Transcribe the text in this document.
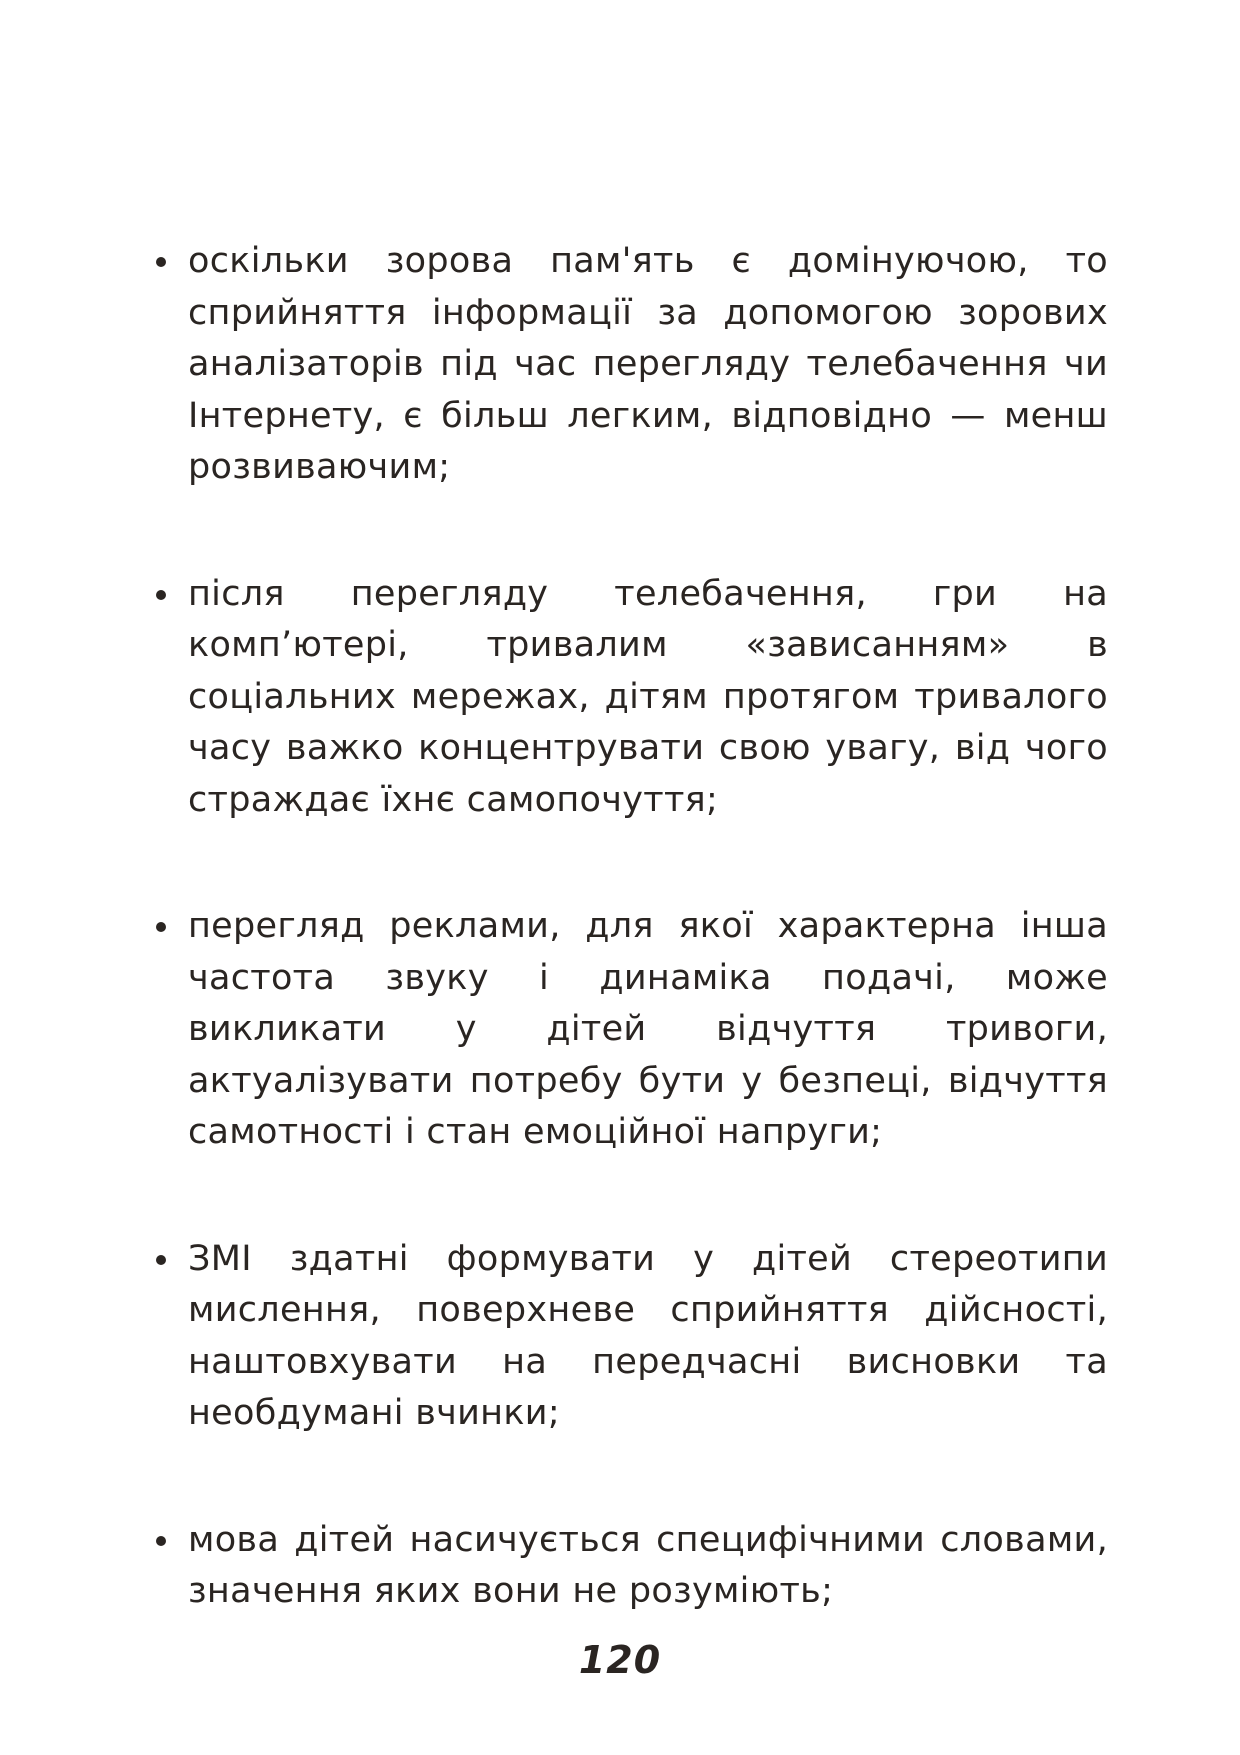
оскільки зорова пам'ять є домінуючою, то сприйняття інформації за допомогою зорових аналізаторів під час перегляду телебачення чи Інтернету, є більш легким, відповідно — менш розвиваючим;
після перегляду телебачення, гри на комп’ютері, тривалим «зависанням» в соціальних мережах, дітям протягом тривалого часу важко концентрувати свою увагу, від чого страждає їхнє самопочуття;
перегляд реклами, для якої характерна інша частота звуку і динаміка подачі, може викликати у дітей відчуття тривоги, актуалізувати потребу бути у безпеці, відчуття самотності і стан емоційної напруги;
ЗМІ здатні формувати у дітей стереотипи мислення, поверхневе сприйняття дійсності, наштовхувати на передчасні висновки та необдумані вчинки;
мова дітей насичується специфічними словами, значення яких вони не розуміють;
120
